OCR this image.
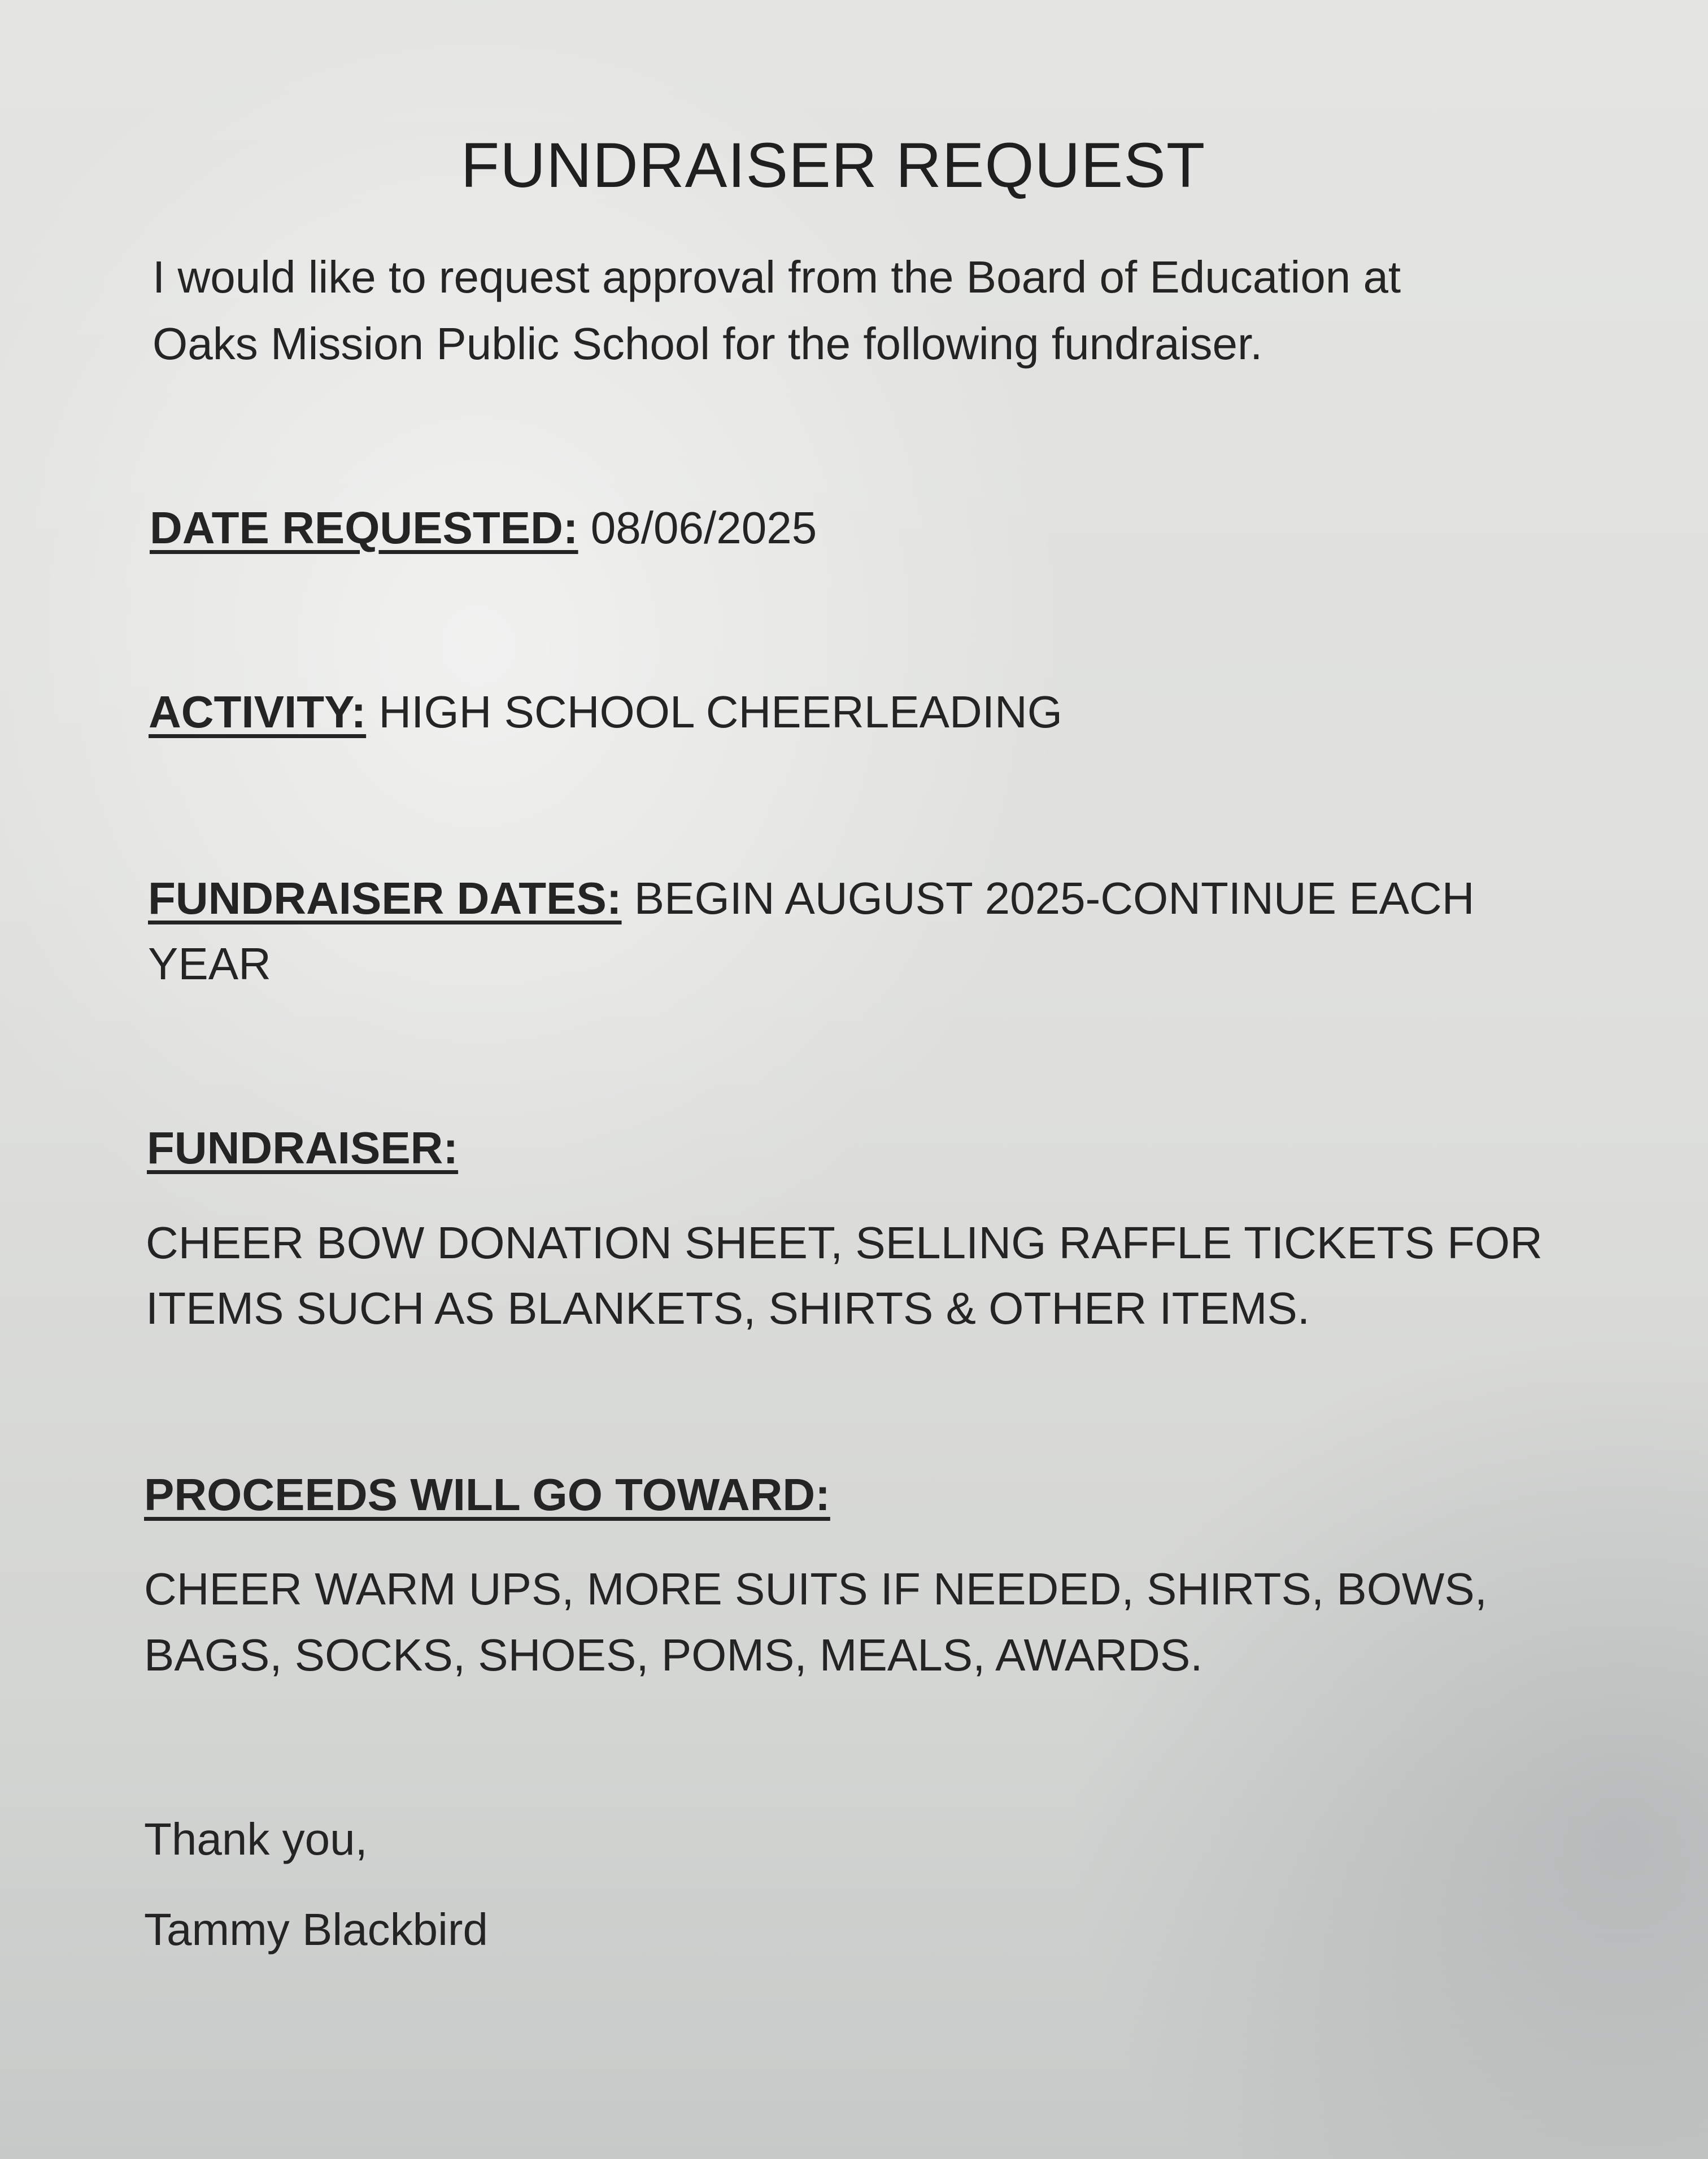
FUNDRAISER REQUEST
I would like to request approval from the Board of Education at
Oaks Mission Public School for the following fundraiser.
DATE REQUESTED: 08/06/2025
ACTIVITY: HIGH SCHOOL CHEERLEADING
FUNDRAISER DATES: BEGIN AUGUST 2025-CONTINUE EACH
YEAR
FUNDRAISER:
CHEER BOW DONATION SHEET, SELLING RAFFLE TICKETS FOR
ITEMS SUCH AS BLANKETS, SHIRTS & OTHER ITEMS.
PROCEEDS WILL GO TOWARD:
CHEER WARM UPS, MORE SUITS IF NEEDED, SHIRTS, BOWS,
BAGS, SOCKS, SHOES, POMS, MEALS, AWARDS.
Thank you,
Tammy Blackbird
